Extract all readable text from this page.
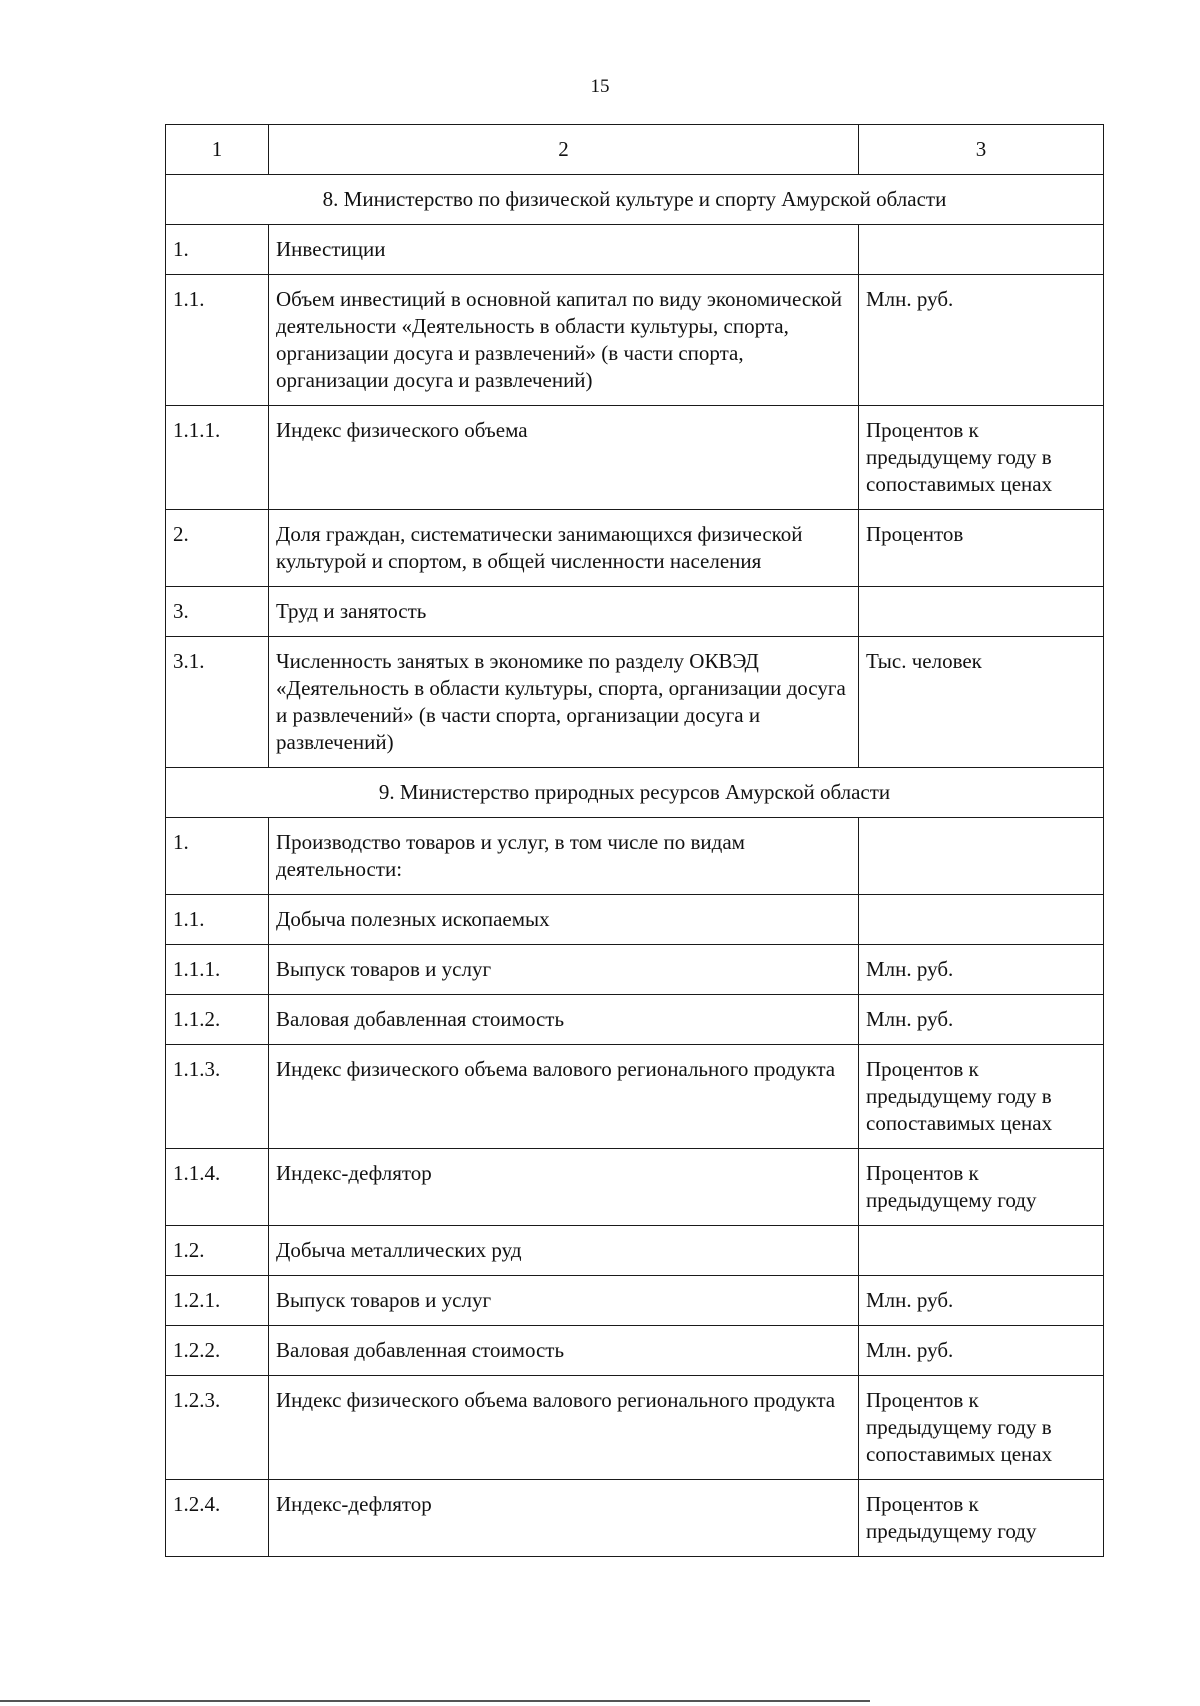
15
1	2	3
8. Министерство по физической культуре и спорту Амурской области		
1.	Инвестиции	
1.1.	Объем инвестиций в основной капитал по виду экономической деятельности «Деятельность в области культуры, спорта, организации досуга и развлечений» (в части спорта, организации досуга и развлечений)	Млн. руб.
1.1.1.	Индекс физического объема	Процентов к предыдущему году в сопоставимых ценах
2.	Доля граждан, систематически занимающихся физической культурой и спортом, в общей численности населения	Процентов
3.	Труд и занятость	
3.1.	Численность занятых в экономике по разделу ОКВЭД «Деятельность в области культуры, спорта, организации досуга и развлечений» (в части спорта, организации досуга и развлечений)	Тыс. человек
9. Министерство природных ресурсов Амурской области		
1.	Производство товаров и услуг, в том числе по видам деятельности:	
1.1.	Добыча полезных ископаемых	
1.1.1.	Выпуск товаров и услуг	Млн. руб.
1.1.2.	Валовая добавленная стоимость	Млн. руб.
1.1.3.	Индекс физического объема валового регионального продукта	Процентов к предыдущему году в сопоставимых ценах
1.1.4.	Индекс-дефлятор	Процентов к предыдущему году
1.2.	Добыча металлических руд	
1.2.1.	Выпуск товаров и услуг	Млн. руб.
1.2.2.	Валовая добавленная стоимость	Млн. руб.
1.2.3.	Индекс физического объема валового регионального продукта	Процентов к предыдущему году в сопоставимых ценах
1.2.4.	Индекс-дефлятор	Процентов к предыдущему году
